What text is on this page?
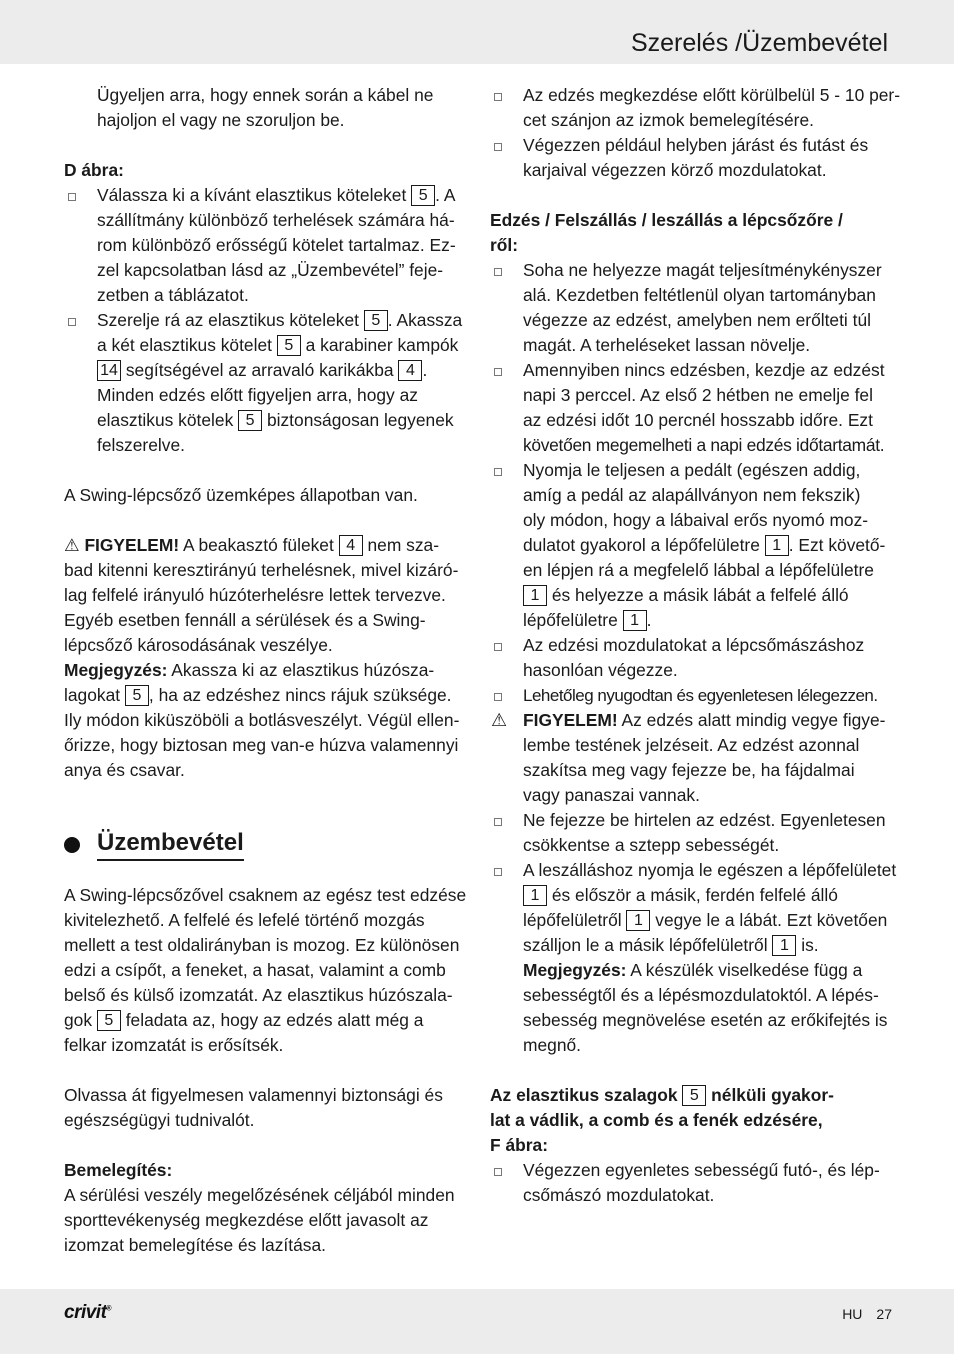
Szerelés /Üzembevétel

Ügyeljen arra, hogy ennek során a kábel ne

hajoljon el vagy ne szoruljon be.

D ábra:

Válassza ki a kívánt elasztikus köteleket 5 . A

szállítmány különböző terhelések számára há-

rom különböző erősségű kötelet tartalmaz. Ez-

zel kapcsolatban lásd az „Üzembevétel” feje-

zetben a táblázatot.

Szerelje rá az elasztikus köteleket 5 . Akassza

a két elasztikus kötelet 5 a karabiner kampók

14 segítségével az arravaló karikákba 4 .

Minden edzés előtt figyeljen arra, hogy az

elasztikus kötelek 5 biztonságosan legyenek

felszerelve.

A Swing-lépcsőző üzemképes állapotban van.

⚠ FIGYELEM! A beakasztó füleket 4 nem sza-

bad kitenni keresztirányú terhelésnek, mivel kizáró-

lag felfelé irányuló húzóterhelésre lettek tervezve.

Egyéb esetben fennáll a sérülések és a Swing-

lépcsőző károsodásának veszélye.

Megjegyzés: Akassza ki az elasztikus húzósza-

lagokat 5 , ha az edzéshez nincs rájuk szüksége.

Ily módon kiküszöböli a botlásveszélyt. Végül ellen-

őrizze, hogy biztosan meg van-e húzva valamennyi

anya és csavar.

Üzembevétel

A Swing-lépcsőzővel csaknem az egész test edzése

kivitelezhető. A felfelé és lefelé történő mozgás

mellett a test oldalirányban is mozog. Ez különösen

edzi a csípőt, a feneket, a hasat, valamint a comb

belső és külső izomzatát. Az elasztikus húzószala-

gok 5 feladata az, hogy az edzés alatt még a

felkar izomzatát is erősítsék.

Olvassa át figyelmesen valamennyi biztonsági és

egészségügyi tudnivalót.

Bemelegítés:

A sérülési veszély megelőzésének céljából minden

sporttevékenység megkezdése előtt javasolt az

izomzat bemelegítése és lazítása.

Az edzés megkezdése előtt körülbelül 5 - 10 per-

cet szánjon az izmok bemelegítésére.

Végezzen például helyben járást és futást és

karjaival végezzen körző mozdulatokat.

Edzés / Felszállás / leszállás a lépcsőzőre /

ről:

Soha ne helyezze magát teljesítménykényszer

alá. Kezdetben feltétlenül olyan tartományban

végezze az edzést, amelyben nem erőlteti túl

magát. A terheléseket lassan növelje.

Amennyiben nincs edzésben, kezdje az edzést

napi 3 perccel. Az első 2 hétben ne emelje fel

az edzési időt 10 percnél hosszabb időre. Ezt

követően megemelheti a napi edzés időtartamát.

Nyomja le teljesen a pedált (egészen addig,

amíg a pedál az alapállványon nem fekszik)

oly módon, hogy a lábaival erős nyomó moz-

dulatot gyakorol a lépőfelületre 1 . Ezt követő-

en lépjen rá a megfelelő lábbal a lépőfelületre

1 és helyezze a másik lábát a felfelé álló

lépőfelületre 1 .

Az edzési mozdulatokat a lépcsőmászáshoz

hasonlóan végezze.

Lehetőleg nyugodtan és egyenletesen lélegezzen.

⚠ FIGYELEM! Az edzés alatt mindig vegye figye-

lembe testének jelzéseit. Az edzést azonnal

szakítsa meg vagy fejezze be, ha fájdalmai

vagy panaszai vannak.

Ne fejezze be hirtelen az edzést. Egyenletesen

csökkentse a sztepp sebességét.

A leszálláshoz nyomja le egészen a lépőfelületet

1 és először a másik, ferdén felfelé álló

lépőfelületről 1 vegye le a lábát. Ezt követően

szálljon le a másik lépőfelületről 1 is.

Megjegyzés: A készülék viselkedése függ a

sebességtől és a lépésmozdulatoktól. A lépés-

sebesség megnövelése esetén az erőkifejtés is

megnő.

Az elasztikus szalagok 5 nélküli gyakor-

lat a vádlik, a comb és a fenék edzésére,

F ábra:

Végezzen egyenletes sebességű futó-, és lép-

csőmászó mozdulatokat.

crivit®	HU 27
